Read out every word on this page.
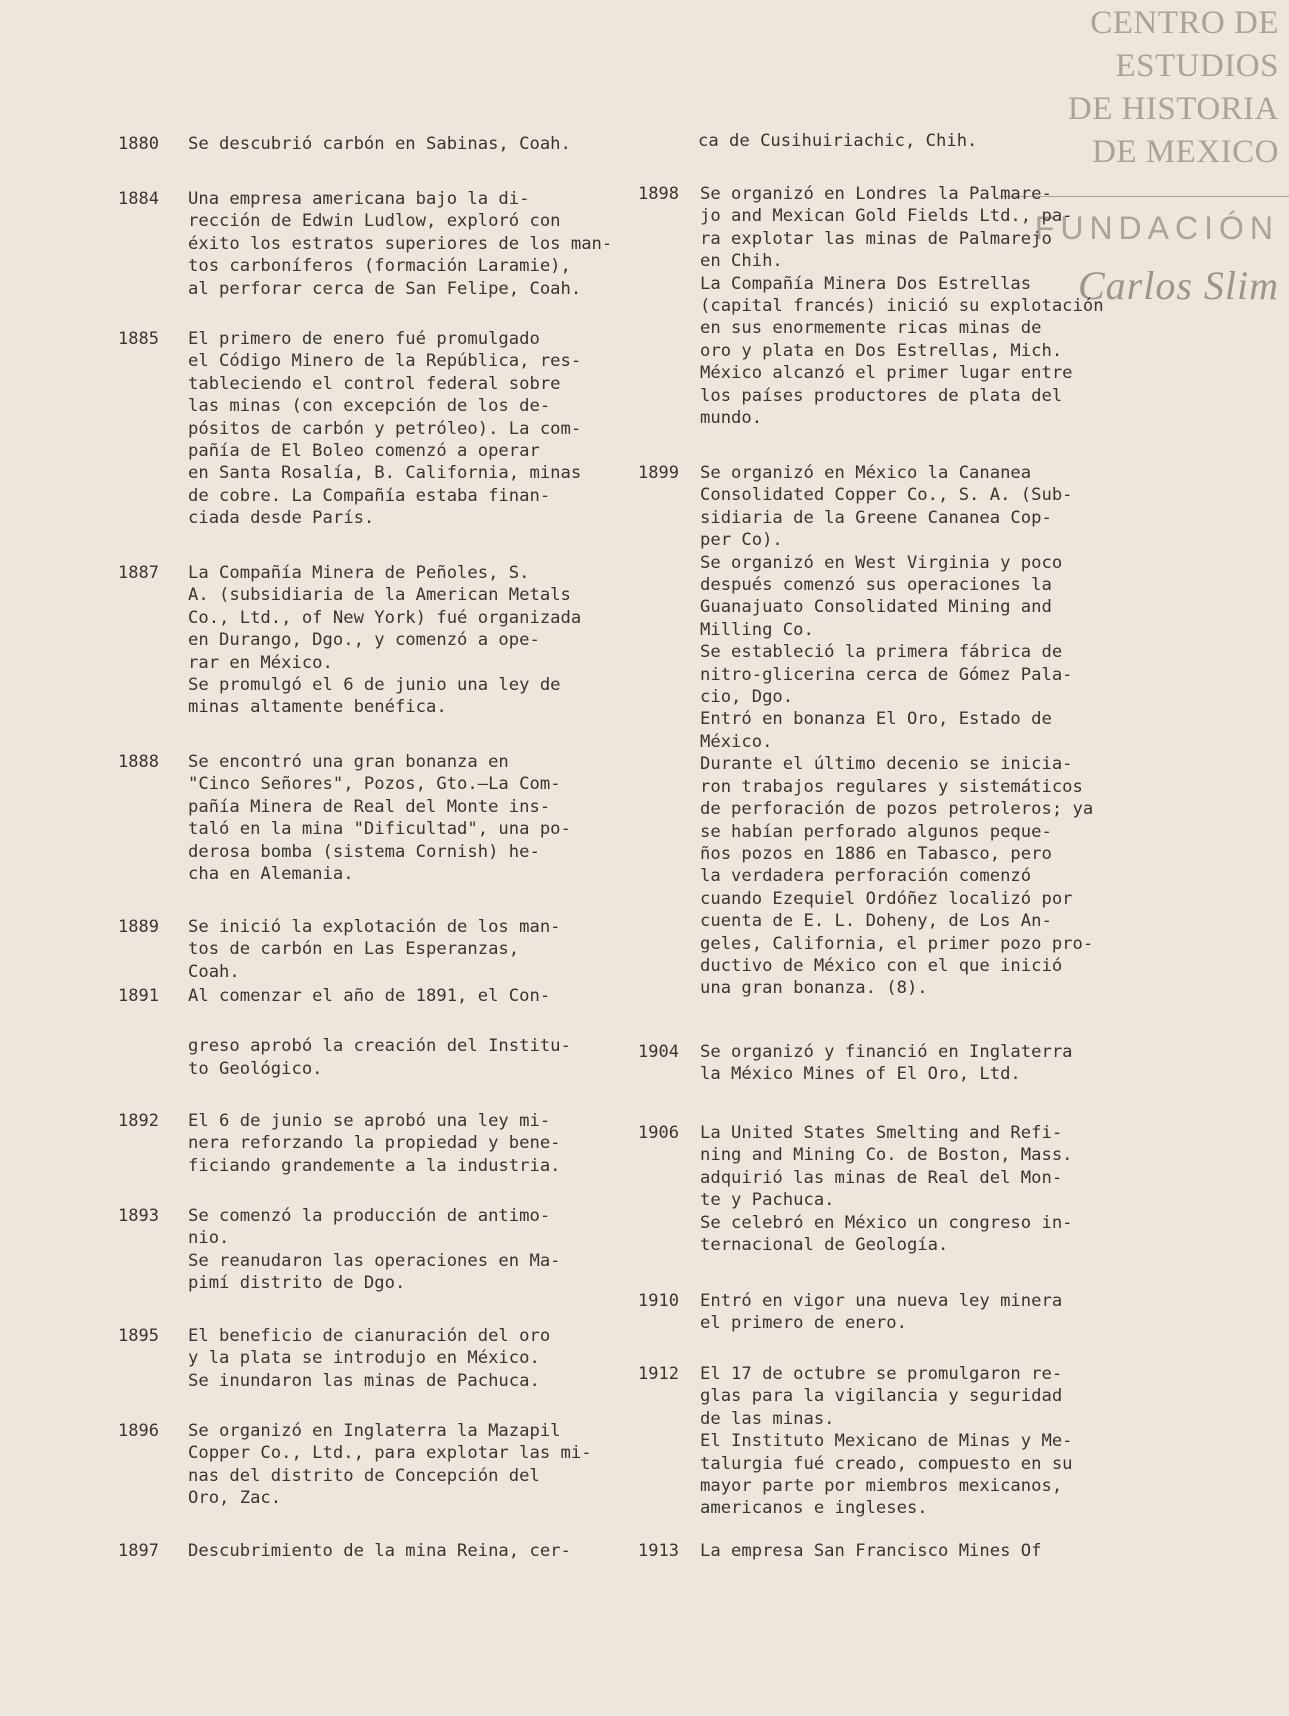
CENTRO DE
ESTUDIOS
DE HISTORIA
DE MEXICO
FUNDACIÓN
Carlos Slim
1880	Se descubrió carbón en Sabinas, Coah.
1884	Una empresa americana bajo la di-
rección de Edwin Ludlow, exploró con
éxito los estratos superiores de los man-
tos carboníferos (formación Laramie),
al perforar cerca de San Felipe, Coah.
1885	El primero de enero fué promulgado
el Código Minero de la República, res-
tableciendo el control federal sobre
las minas (con excepción de los de-
pósitos de carbón y petróleo). La com-
pañía de El Boleo comenzó a operar
en Santa Rosalía, B. California, minas
de cobre. La Compañía estaba finan-
ciada desde París.
1887	La Compañía Minera de Peñoles, S.
A. (subsidiaria de la American Metals
Co., Ltd., of New York) fué organizada
en Durango, Dgo., y comenzó a ope-
rar en México.
Se promulgó el 6 de junio una ley de
minas altamente benéfica.
1888	Se encontró una gran bonanza en
"Cinco Señores", Pozos, Gto.—La Com-
pañía Minera de Real del Monte ins-
taló en la mina "Dificultad", una po-
derosa bomba (sistema Cornish) he-
cha en Alemania.
1889	Se inició la explotación de los man-
tos de carbón en Las Esperanzas,
Coah.
1891	Al comenzar el año de 1891, el Con-
greso aprobó la creación del Institu-
to Geológico.
1892	El 6 de junio se aprobó una ley mi-
nera reforzando la propiedad y bene-
ficiando grandemente a la industria.
1893	Se comenzó la producción de antimo-
nio.
Se reanudaron las operaciones en Ma-
pimí distrito de Dgo.
1895	El beneficio de cianuración del oro
y la plata se introdujo en México.
Se inundaron las minas de Pachuca.
1896	Se organizó en Inglaterra la Mazapil
Copper Co., Ltd., para explotar las mi-
nas del distrito de Concepción del
Oro, Zac.
1897	Descubrimiento de la mina Reina, cer-
ca de Cusihuiriachic, Chih.
1898	Se organizó en Londres la Palmare-
jo and Mexican Gold Fields Ltd., pa-
ra explotar las minas de Palmarejo
en Chih.
La Compañía Minera Dos Estrellas
(capital francés) inició su explotación
en sus enormemente ricas minas de
oro y plata en Dos Estrellas, Mich.
México alcanzó el primer lugar entre
los países productores de plata del
mundo.
1899	Se organizó en México la Cananea
Consolidated Copper Co., S. A. (Sub-
sidiaria de la Greene Cananea Cop-
per Co).
Se organizó en West Virginia y poco
después comenzó sus operaciones la
Guanajuato Consolidated Mining and
Milling Co.
Se estableció la primera fábrica de
nitro-glicerina cerca de Gómez Pala-
cio, Dgo.
Entró en bonanza El Oro, Estado de
México.
Durante el último decenio se inicia-
ron trabajos regulares y sistemáticos
de perforación de pozos petroleros; ya
se habían perforado algunos peque-
ños pozos en 1886 en Tabasco, pero
la verdadera perforación comenzó
cuando Ezequiel Ordóñez localizó por
cuenta de E. L. Doheny, de Los An-
geles, California, el primer pozo pro-
ductivo de México con el que inició
una gran bonanza. (8).
1904	Se organizó y financió en Inglaterra
la México Mines of El Oro, Ltd.
1906	La United States Smelting and Refi-
ning and Mining Co. de Boston, Mass.
adquirió las minas de Real del Mon-
te y Pachuca.
Se celebró en México un congreso in-
ternacional de Geología.
1910	Entró en vigor una nueva ley minera
el primero de enero.
1912	El 17 de octubre se promulgaron re-
glas para la vigilancia y seguridad
de las minas.
El Instituto Mexicano de Minas y Me-
talurgia fué creado, compuesto en su
mayor parte por miembros mexicanos,
americanos e ingleses.
1913	La empresa San Francisco Mines Of
